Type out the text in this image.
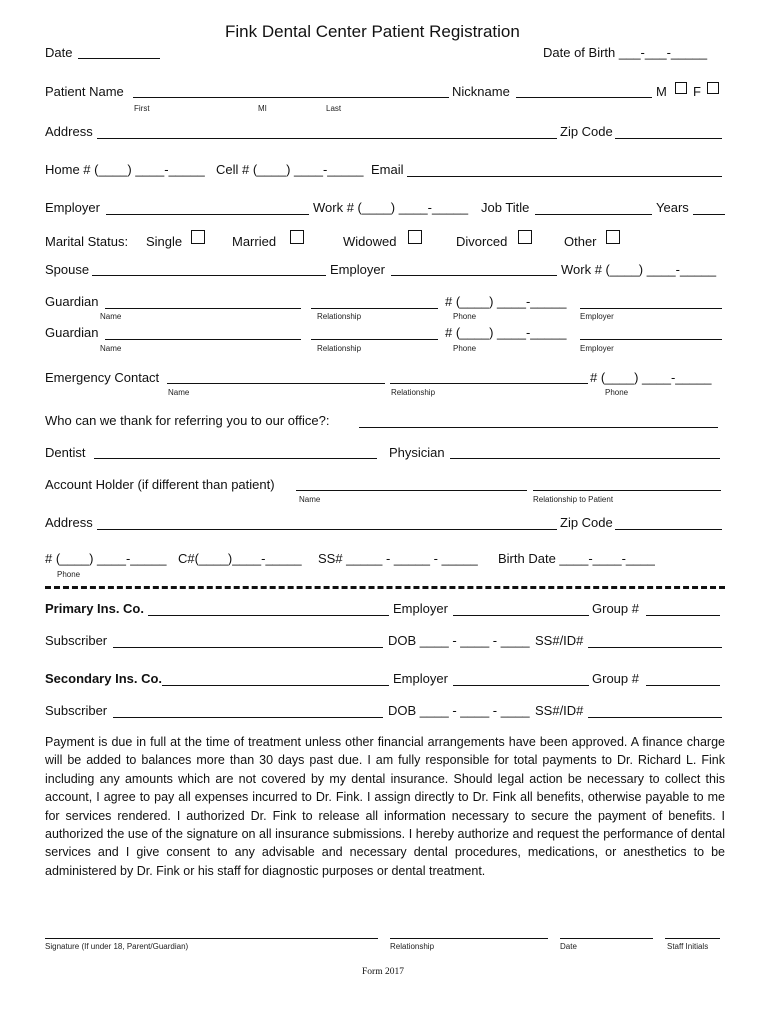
Fink Dental Center Patient Registration
Date	Date of Birth ___-___-_____
Patient Name
First	MI	Last
Nickname	M F
Address	Zip Code
Home # (____) ____-_____ Cell # (____) ____-_____ Email
Employer	Work # (____) ____-_____ Job Title	Years
Marital Status: Single	Married	Widowed	Divorced	Other
Spouse	Employer	Work # (____) ____-_____
Guardian	# (____) ____-_____
Name	Relationship	Phone	Employer
Guardian	# (____) ____-_____
Name	Relationship	Phone	Employer
Emergency Contact	# (____) ____-_____
Name	Relationship	Phone
Who can we thank for referring you to our office?:
Dentist	Physician
Account Holder (if different than patient)
Name	Relationship to Patient
Address	Zip Code
# (____) ____-_____
Phone
C#(____)____-_____ SS# _____ - _____ - _____ Birth Date ____-____-____
Primary Ins. Co.	Employer	Group #
Subscriber	DOB ____ - ____ - ____ SS#/ID#
Secondary Ins. Co.	Employer	Group #
Subscriber	DOB ____ - ____ - ____ SS#/ID#
Payment is due in full at the time of treatment unless other financial arrangements have been approved. A finance charge will be added to balances more than 30 days past due. I am fully responsible for total payments to Dr. Richard L. Fink including any amounts which are not covered by my dental insurance. Should legal action be necessary to collect this account, I agree to pay all expenses incurred to Dr. Fink. I assign directly to Dr. Fink all benefits, otherwise payable to me for services rendered. I authorized Dr. Fink to release all information necessary to secure the payment of benefits. I authorized the use of the signature on all insurance submissions. I hereby authorize and request the performance of dental services and I give consent to any advisable and necessary dental procedures, medications, or anesthetics to be administered by Dr. Fink or his staff for diagnostic purposes or dental treatment.
Signature (If under 18, Parent/Guardian)	Relationship	Date	Staff Initials
Form 2017
